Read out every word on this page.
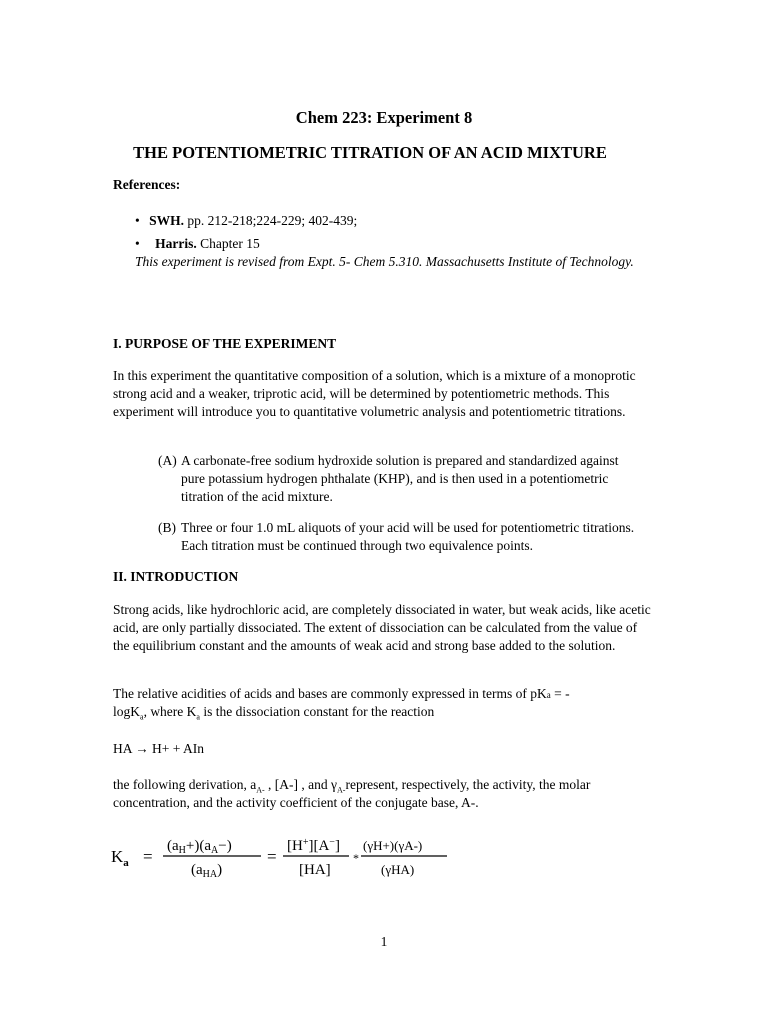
Chem 223: Experiment 8
THE POTENTIOMETRIC TITRATION OF AN ACID MIXTURE
References:
• SWH. pp. 212-218;224-229; 402-439;
• Harris. Chapter 15
This experiment is revised from Expt. 5- Chem 5.310. Massachusetts Institute of Technology.
I. PURPOSE OF THE EXPERIMENT
In this experiment the quantitative composition of a solution, which is a mixture of a monoprotic strong acid and a weaker, triprotic acid, will be determined by potentiometric methods. This experiment will introduce you to quantitative volumetric analysis and potentiometric titrations.
(A) A carbonate-free sodium hydroxide solution is prepared and standardized against pure potassium hydrogen phthalate (KHP), and is then used in a potentiometric titration of the acid mixture.
(B) Three or four 1.0 mL aliquots of your acid will be used for potentiometric titrations. Each titration must be continued through two equivalence points.
II. INTRODUCTION
Strong acids, like hydrochloric acid, are completely dissociated in water, but weak acids, like acetic acid, are only partially dissociated. The extent of dissociation can be calculated from the value of the equilibrium constant and the amounts of weak acid and strong base added to the solution.
The relative acidities of acids and bases are commonly expressed in terms of pKa = -
logK$_a$, where $K_a$ is the dissociation constant for the reaction
HA → H+ + AIn
the following derivation, $a_{A-}$ , [A-] , and $\gamma_{A-}represent$, respectively, the activity, the molar
concentration, and the activity coefficient of the conjugate base, A-.
$K_a$ =
$(a_H+)(a_A-)$
$(a_{HA})$
=
[H+][A−]
[HA]
*
(γH+)(γA-)
(γHA)
1
